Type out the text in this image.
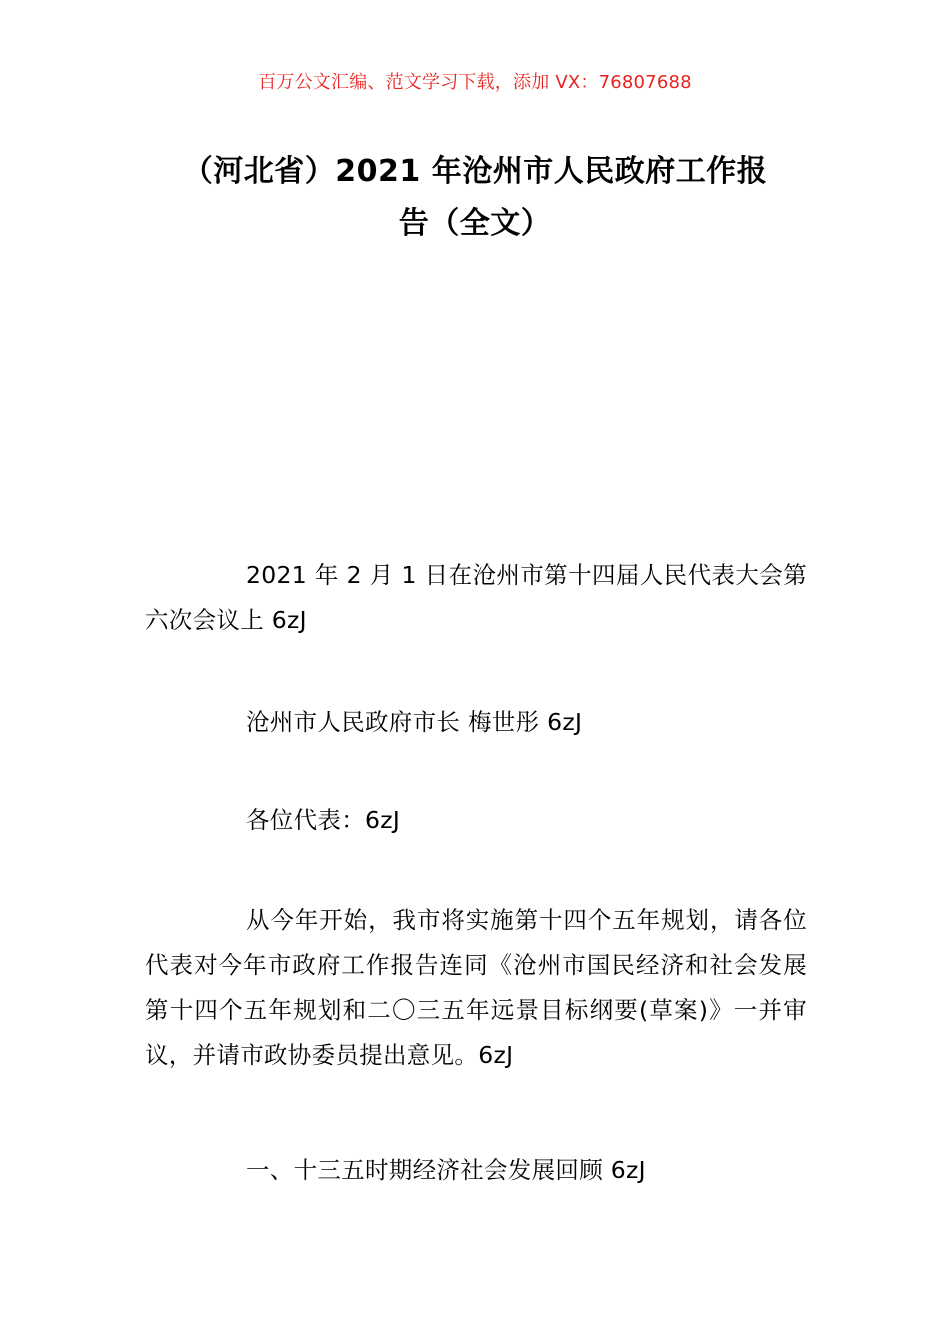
百万公文汇编、范文学习下载，添加 VX：76807688
（河北省）2021 年沧州市人民政府工作报
告（全文）
2021 年 2 月 1 日在沧州市第十四届人民代表大会第六次会议上 6zJ
沧州市人民政府市长 梅世彤 6zJ
各位代表：6zJ
从今年开始，我市将实施第十四个五年规划，请各位代表对今年市政府工作报告连同《沧州市国民经济和社会发展第十四个五年规划和二〇三五年远景目标纲要(草案)》一并审议，并请市政协委员提出意见。6zJ
一、十三五时期经济社会发展回顾 6zJ
